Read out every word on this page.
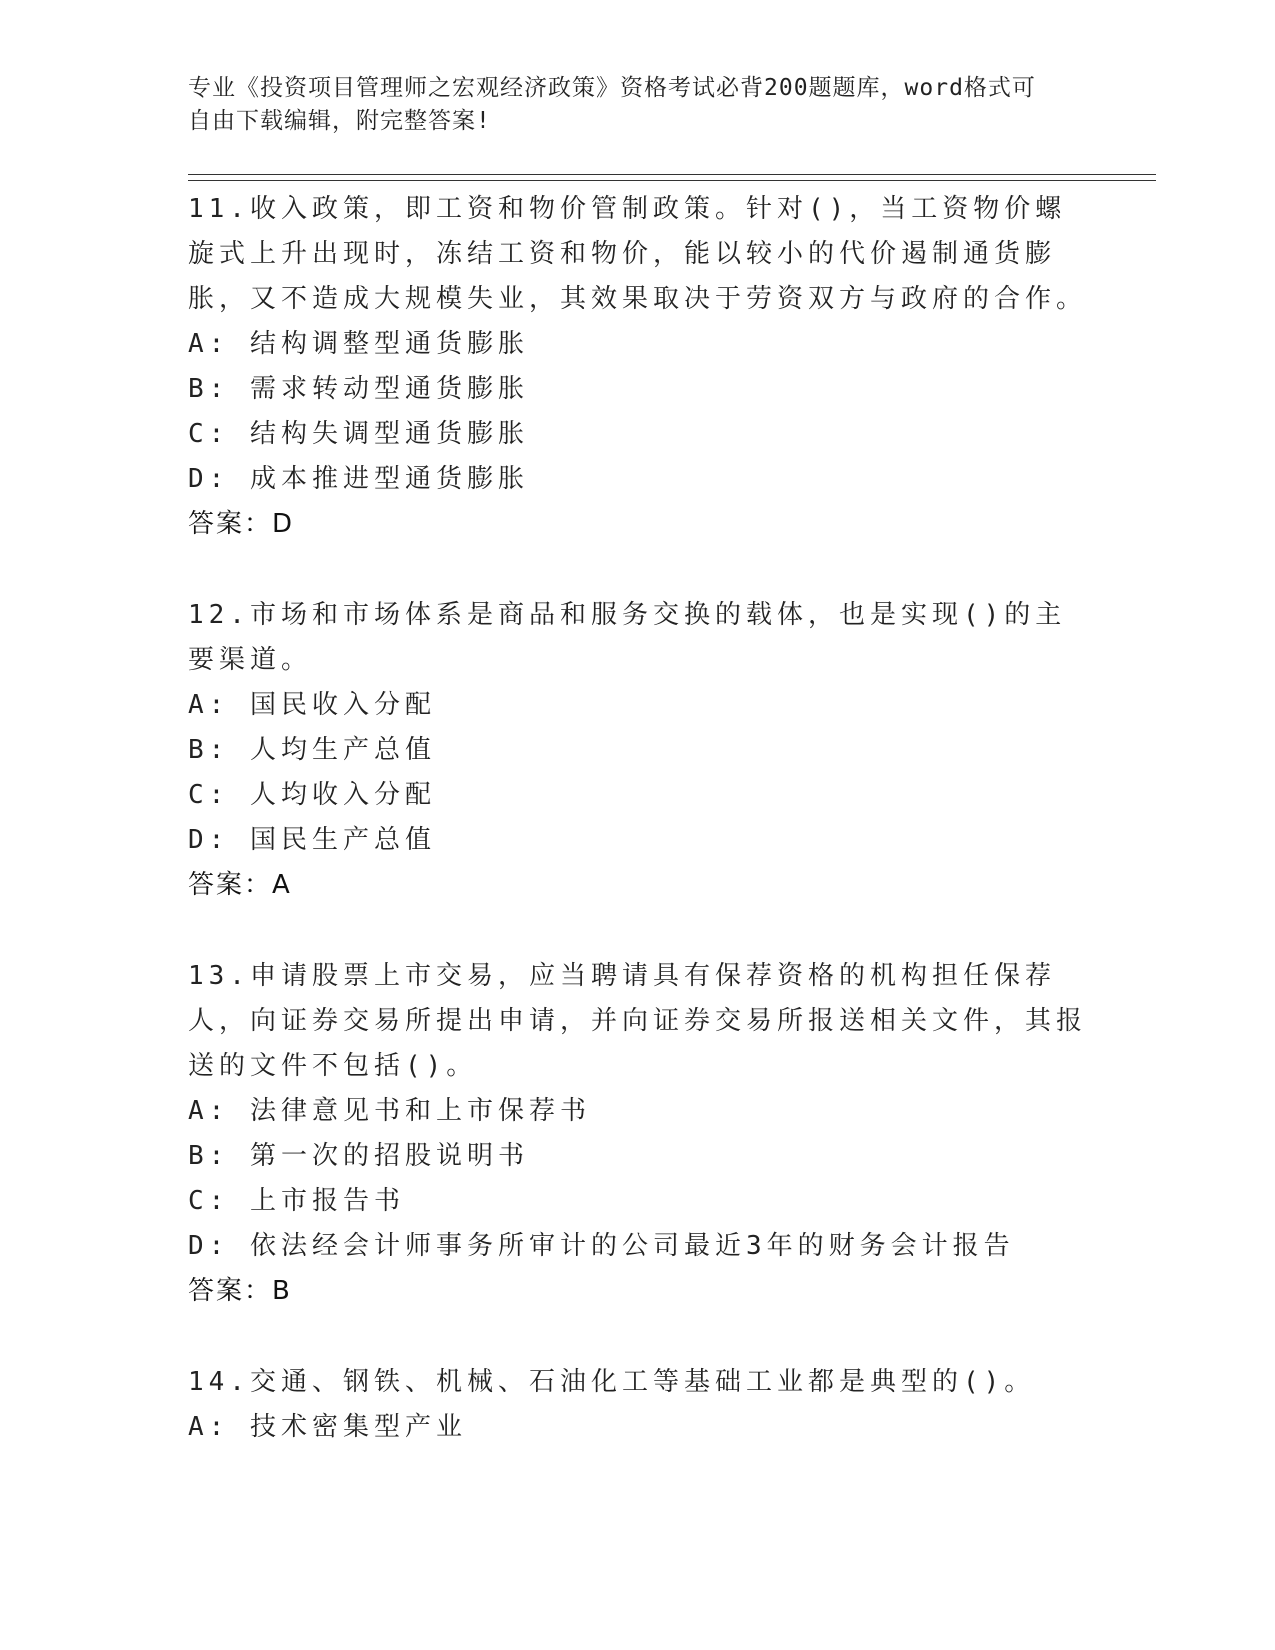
专业《投资项目管理师之宏观经济政策》资格考试必背200题题库，word格式可
自由下载编辑，附完整答案!

11.收入政策，即工资和物价管制政策。针对()，当工资物价螺旋式上升出现时，冻结工资和物价，能以较小的代价遏制通货膨胀，又不造成大规模失业，其效果取决于劳资双方与政府的合作。

A: 结构调整型通货膨胀

B: 需求转动型通货膨胀

C: 结构失调型通货膨胀

D: 成本推进型通货膨胀

答案：D

12.市场和市场体系是商品和服务交换的载体，也是实现()的主要渠道。

A: 国民收入分配

B: 人均生产总值

C: 人均收入分配

D: 国民生产总值

答案：A

13.申请股票上市交易，应当聘请具有保荐资格的机构担任保荐人，向证券交易所提出申请，并向证券交易所报送相关文件，其报送的文件不包括()。

A: 法律意见书和上市保荐书

B: 第一次的招股说明书

C: 上市报告书

D: 依法经会计师事务所审计的公司最近3年的财务会计报告

答案：B

14.交通、钢铁、机械、石油化工等基础工业都是典型的()。

A: 技术密集型产业
